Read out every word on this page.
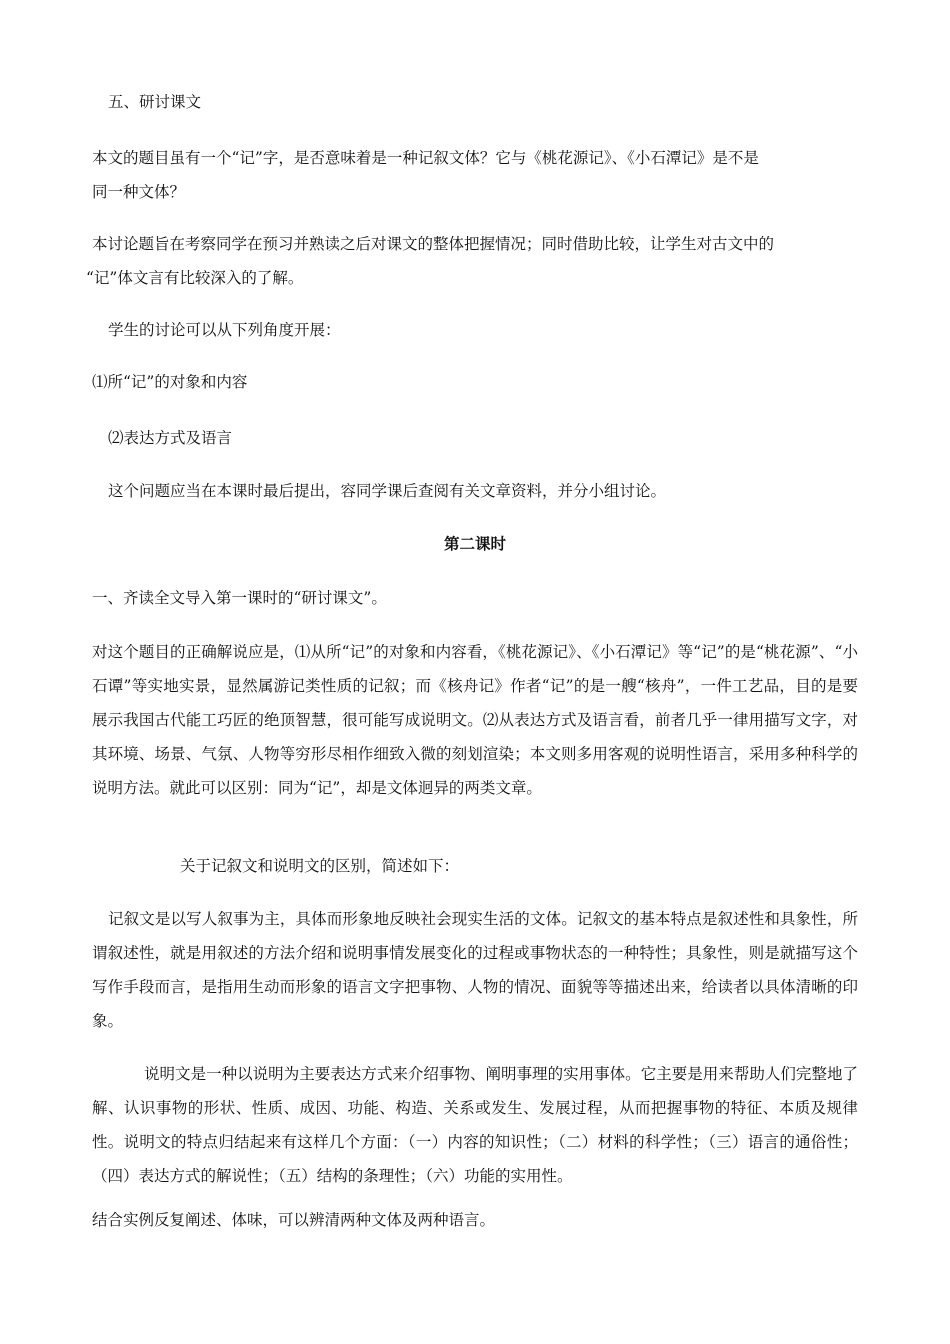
五、研讨课文

本文的题目虽有一个“记”字，是否意味着是一种记叙文体？它与《桃花源记》、《小石潭记》是不是

同一种文体？

本讨论题旨在考察同学在预习并熟读之后对课文的整体把握情况；同时借助比较，让学生对古文中的

“记”体文言有比较深入的了解。

学生的讨论可以从下列角度开展：

⑴所“记”的对象和内容

⑵表达方式及语言

这个问题应当在本课时最后提出，容同学课后查阅有关文章资料，并分小组讨论。

第二课时

一、齐读全文导入第一课时的“研讨课文”。

对这个题目的正确解说应是，⑴从所“记”的对象和内容看，《桃花源记》、《小石潭记》等“记”的是“桃花源”、“小石谭”等实地实景，显然属游记类性质的记叙；而《核舟记》作者“记”的是一艘“核舟”，一件工艺品，目的是要展示我国古代能工巧匠的绝顶智慧，很可能写成说明文。⑵从表达方式及语言看，前者几乎一律用描写文字，对其环境、场景、气氛、人物等穷形尽相作细致入微的刻划渲染；本文则多用客观的说明性语言，采用多种科学的说明方法。就此可以区别：同为“记”，却是文体迥异的两类文章。

关于记叙文和说明文的区别，简述如下：

记叙文是以写人叙事为主，具体而形象地反映社会现实生活的文体。记叙文的基本特点是叙述性和具象性，所谓叙述性，就是用叙述的方法介绍和说明事情发展变化的过程或事物状态的一种特性；具象性，则是就描写这个写作手段而言，是指用生动而形象的语言文字把事物、人物的情况、面貌等等描述出来，给读者以具体清晰的印象。

说明文是一种以说明为主要表达方式来介绍事物、阐明事理的实用事体。它主要是用来帮助人们完整地了解、认识事物的形状、性质、成因、功能、构造、关系或发生、发展过程，从而把握事物的特征、本质及规律性。说明文的特点归结起来有这样几个方面：（一）内容的知识性；（二）材料的科学性；（三）语言的通俗性；（四）表达方式的解说性；（五）结构的条理性；（六）功能的实用性。

结合实例反复阐述、体味，可以辨清两种文体及两种语言。
